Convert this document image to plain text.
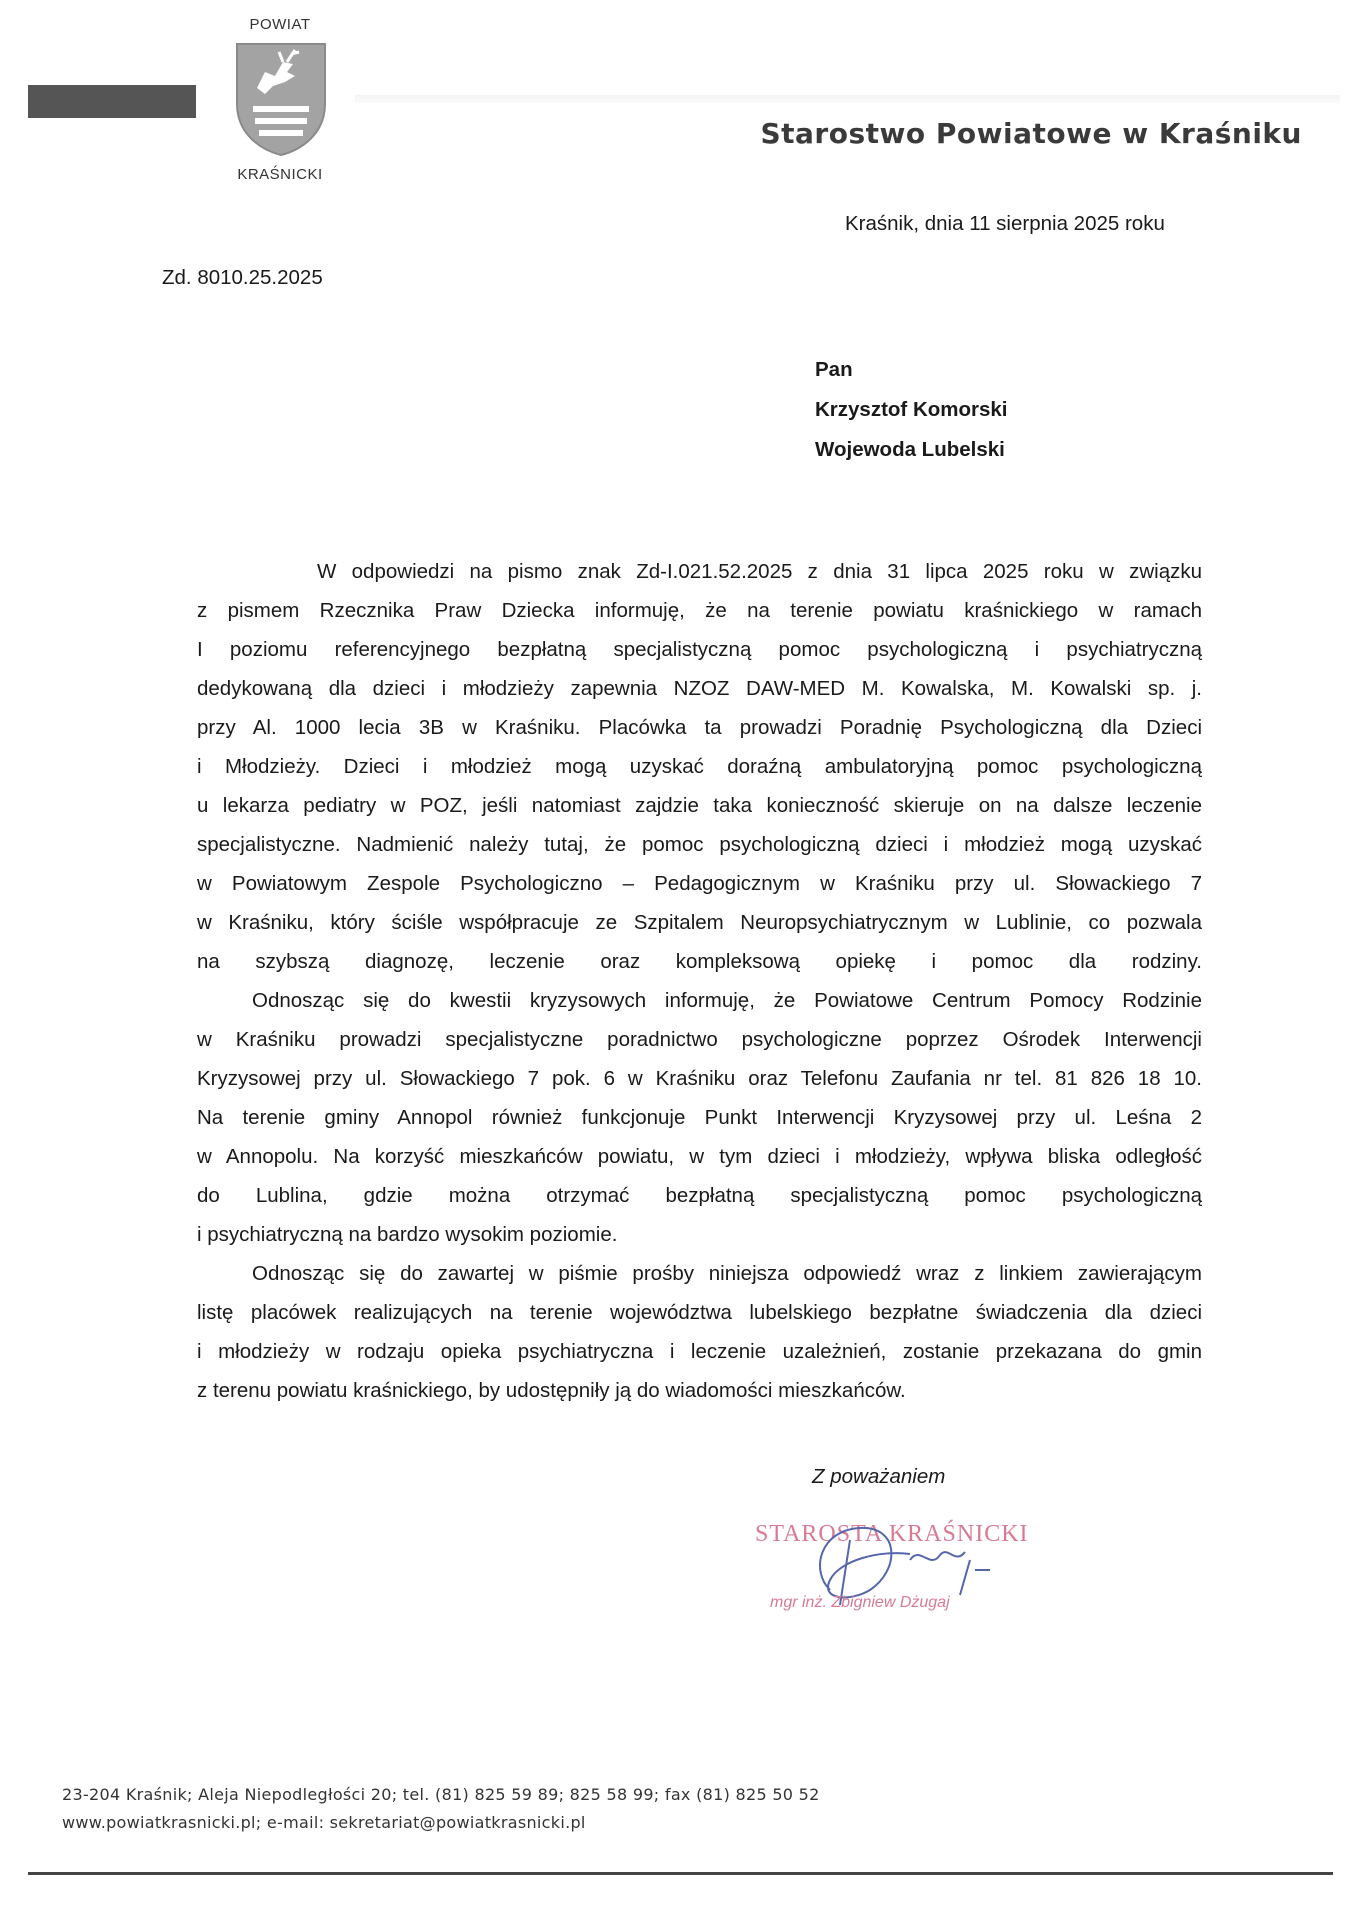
POWIAT
KRAŚNICKI
Starostwo Powiatowe w Kraśniku
Kraśnik, dnia 11 sierpnia 2025 roku
Zd. 8010.25.2025
Pan
Krzysztof Komorski
Wojewoda Lubelski

W odpowiedzi na pismo znak Zd-I.021.52.2025 z dnia 31 lipca 2025 roku w związku
z pismem Rzecznika Praw Dziecka informuję, że na terenie powiatu kraśnickiego w ramach
I poziomu referencyjnego bezpłatną specjalistyczną pomoc psychologiczną i psychiatryczną
dedykowaną dla dzieci i młodzieży zapewnia NZOZ DAW-MED M. Kowalska, M. Kowalski sp. j.
przy Al. 1000 lecia 3B w Kraśniku. Placówka ta prowadzi Poradnię Psychologiczną dla Dzieci
i Młodzieży. Dzieci i młodzież mogą uzyskać doraźną ambulatoryjną pomoc psychologiczną
u lekarza pediatry w POZ, jeśli natomiast zajdzie taka konieczność skieruje on na dalsze leczenie
specjalistyczne. Nadmienić należy tutaj, że pomoc psychologiczną dzieci i młodzież mogą uzyskać
w Powiatowym Zespole Psychologiczno – Pedagogicznym w Kraśniku przy ul. Słowackiego 7
w Kraśniku, który ściśle współpracuje ze Szpitalem Neuropsychiatrycznym w Lublinie, co pozwala
na szybszą diagnozę, leczenie oraz kompleksową opiekę i pomoc dla rodziny.

Odnosząc się do kwestii kryzysowych informuję, że Powiatowe Centrum Pomocy Rodzinie
w Kraśniku prowadzi specjalistyczne poradnictwo psychologiczne poprzez Ośrodek Interwencji
Kryzysowej przy ul. Słowackiego 7 pok. 6 w Kraśniku oraz Telefonu Zaufania nr tel. 81 826 18 10.
Na terenie gminy Annopol również funkcjonuje Punkt Interwencji Kryzysowej przy ul. Leśna 2
w Annopolu. Na korzyść mieszkańców powiatu, w tym dzieci i młodzieży, wpływa bliska odległość
do Lublina, gdzie można otrzymać bezpłatną specjalistyczną pomoc psychologiczną
i psychiatryczną na bardzo wysokim poziomie.

Odnosząc się do zawartej w piśmie prośby niniejsza odpowiedź wraz z linkiem zawierającym
listę placówek realizujących na terenie województwa lubelskiego bezpłatne świadczenia dla dzieci
i młodzieży w rodzaju opieka psychiatryczna i leczenie uzależnień, zostanie przekazana do gmin
z terenu powiatu kraśnickiego, by udostępniły ją do wiadomości mieszkańców.

Z poważaniem
STAROSTA KRAŚNICKI
mgr inż. Zbigniew Dżugaj
23-204 Kraśnik; Aleja Niepodległości 20; tel. (81) 825 59 89; 825 58 99; fax (81) 825 50 52
www.powiatkrasnicki.pl; e-mail: sekretariat@powiatkrasnicki.pl
